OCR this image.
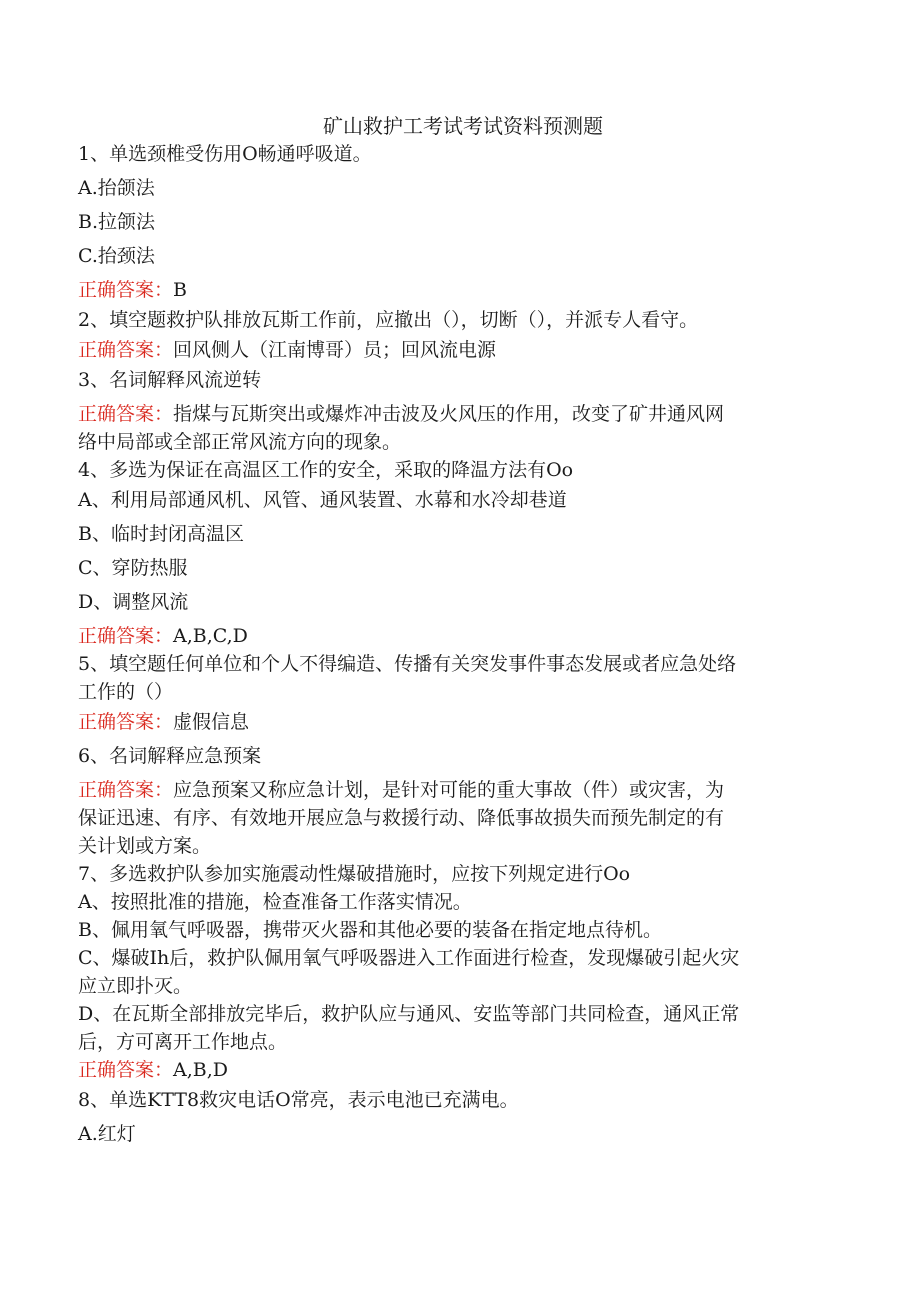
矿山救护工考试考试资料预测题

1、单选颈椎受伤用O畅通呼吸道。

A.抬颌法

B.拉颌法

C.抬颈法

正确答案：B

2、填空题救护队排放瓦斯工作前，应撤出（），切断（），并派专人看守。

正确答案：回风侧人（江南博哥）员；回风流电源

3、名词解释风流逆转

正确答案：指煤与瓦斯突出或爆炸冲击波及火风压的作用，改变了矿井通风网

络中局部或全部正常风流方向的现象。

4、多选为保证在高温区工作的安全，采取的降温方法有Oo

A、利用局部通风机、风管、通风装置、水幕和水冷却巷道

B、临时封闭高温区

C、穿防热服

D、调整风流

正确答案：A,B,C,D

5、填空题任何单位和个人不得编造、传播有关突发事件事态发展或者应急处络

工作的（）

正确答案：虚假信息

6、名词解释应急预案

正确答案：应急预案又称应急计划，是针对可能的重大事故（件）或灾害，为

保证迅速、有序、有效地开展应急与救援行动、降低事故损失而预先制定的有

关计划或方案。

7、多选救护队参加实施震动性爆破措施时，应按下列规定进行Oo

A、按照批准的措施，检查准备工作落实情况。

B、佩用氧气呼吸器，携带灭火器和其他必要的装备在指定地点待机。

C、爆破Ih后，救护队佩用氧气呼吸器进入工作面进行检查，发现爆破引起火灾

应立即扑灭。

D、在瓦斯全部排放完毕后，救护队应与通风、安监等部门共同检查，通风正常

后，方可离开工作地点。

正确答案：A,B,D

8、单选KTT8救灾电话O常亮，表示电池已充满电。

A.红灯
